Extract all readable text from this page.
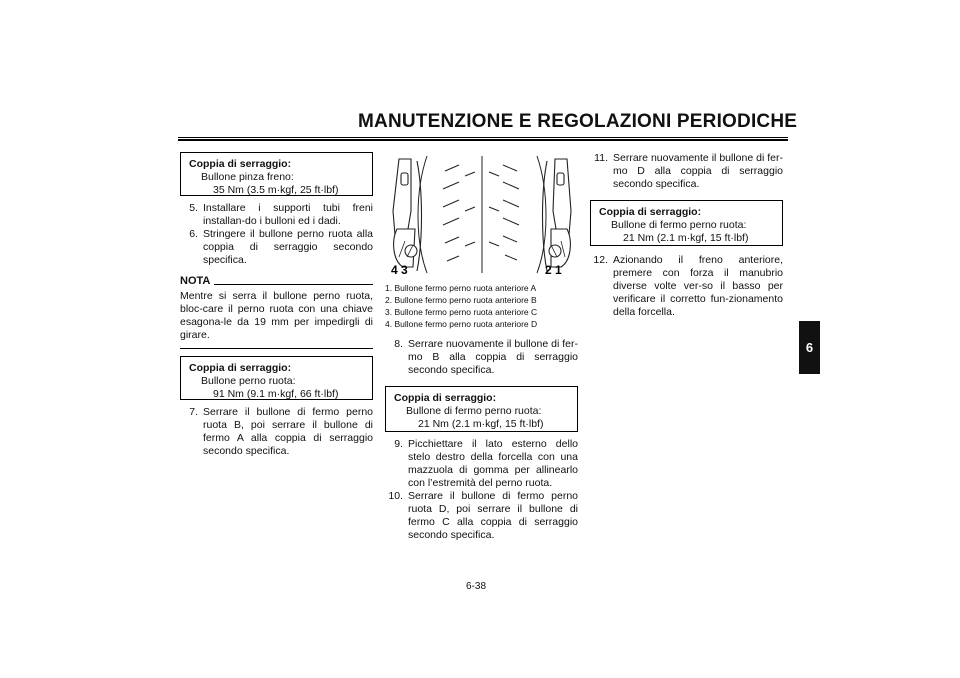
MANUTENZIONE E REGOLAZIONI PERIODICHE
6
6-38
Coppia di serraggio:
Bullone pinza freno:
35 Nm (3.5 m·kgf, 25 ft·lbf)
5. Installare i supporti tubi freni installan-do i bulloni ed i dadi.
6. Stringere il bullone perno ruota alla coppia di serraggio secondo specifica.
NOTA
Mentre si serra il bullone perno ruota, bloc-care il perno ruota con una chiave esagona-le da 19 mm per impedirgli di girare.
Coppia di serraggio:
Bullone perno ruota:
91 Nm (9.1 m·kgf, 66 ft·lbf)
7. Serrare il bullone di fermo perno ruota B, poi serrare il bullone di fermo A alla coppia di serraggio secondo specifica.
4 3	2 1
1. Bullone fermo perno ruota anteriore A
2. Bullone fermo perno ruota anteriore B
3. Bullone fermo perno ruota anteriore C
4. Bullone fermo perno ruota anteriore D
8. Serrare nuovamente il bullone di fer-mo B alla coppia di serraggio secondo specifica.
Coppia di serraggio:
Bullone di fermo perno ruota:
21 Nm (2.1 m·kgf, 15 ft·lbf)
9. Picchiettare il lato esterno dello stelo destro della forcella con una mazzuola di gomma per allinearlo con l’estremità del perno ruota.
10. Serrare il bullone di fermo perno ruota D, poi serrare il bullone di fermo C alla coppia di serraggio secondo specifica.
11. Serrare nuovamente il bullone di fer-mo D alla coppia di serraggio secondo specifica.
Coppia di serraggio:
Bullone di fermo perno ruota:
21 Nm (2.1 m·kgf, 15 ft·lbf)
12. Azionando il freno anteriore, premere con forza il manubrio diverse volte ver-so il basso per verificare il corretto fun-zionamento della forcella.
